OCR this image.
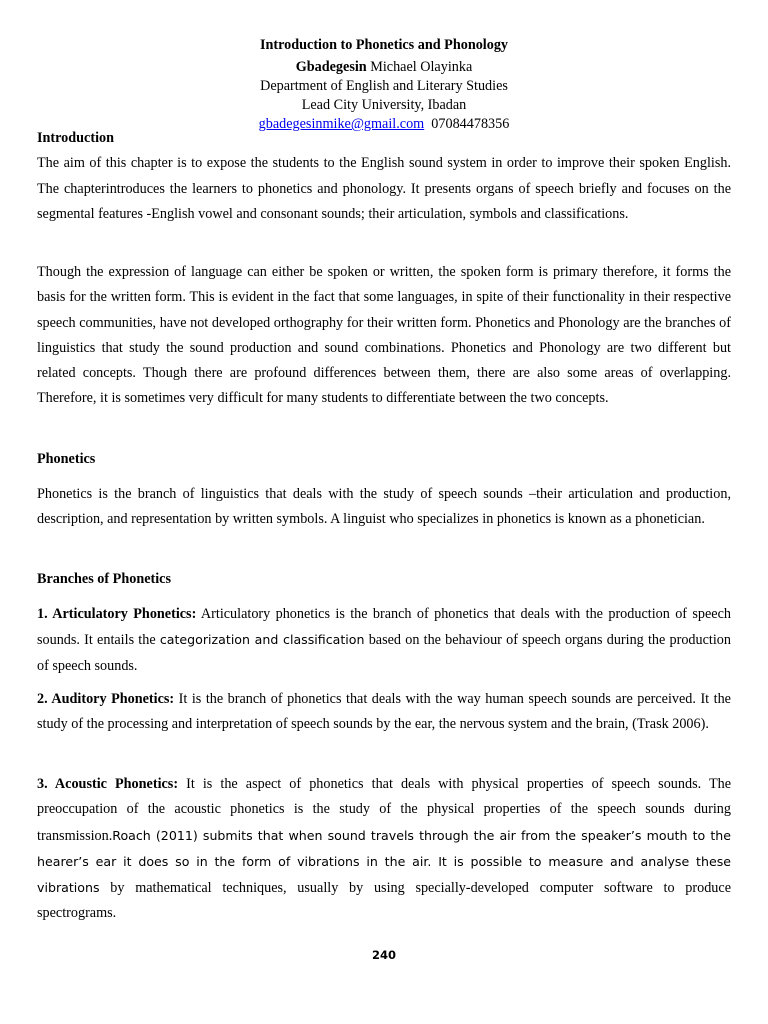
Introduction to Phonetics and Phonology
Gbadegesin Michael Olayinka
Department of English and Literary Studies
Lead City University, Ibadan
gbadegesinmike@gmail.com 07084478356

Introduction

The aim of this chapter is to expose the students to the English sound system in order to improve their spoken English. The chapterintroduces the learners to phonetics and phonology. It presents organs of speech briefly and focuses on the segmental features -English vowel and consonant sounds; their articulation, symbols and classifications.

Though the expression of language can either be spoken or written, the spoken form is primary therefore, it forms the basis for the written form. This is evident in the fact that some languages, in spite of their functionality in their respective speech communities, have not developed orthography for their written form. Phonetics and Phonology are the branches of linguistics that study the sound production and sound combinations. Phonetics and Phonology are two different but related concepts. Though there are profound differences between them, there are also some areas of overlapping. Therefore, it is sometimes very difficult for many students to differentiate between the two concepts.

Phonetics

Phonetics is the branch of linguistics that deals with the study of speech sounds –their articulation and production, description, and representation by written symbols. A linguist who specializes in phonetics is known as a phonetician.

Branches of Phonetics

1. Articulatory Phonetics: Articulatory phonetics is the branch of phonetics that deals with the production of speech sounds. It entails the categorization and classification based on the behaviour of speech organs during the production of speech sounds.

2. Auditory Phonetics: It is the branch of phonetics that deals with the way human speech sounds are perceived. It the study of the processing and interpretation of speech sounds by the ear, the nervous system and the brain, (Trask 2006).

3. Acoustic Phonetics: It is the aspect of phonetics that deals with physical properties of speech sounds. The preoccupation of the acoustic phonetics is the study of the physical properties of the speech sounds during transmission.Roach (2011) submits that when sound travels through the air from the speaker’s mouth to the hearer’s ear it does so in the form of vibrations in the air. It is possible to measure and analyse these vibrations by mathematical techniques, usually by using specially-developed computer software to produce spectrograms.

240
